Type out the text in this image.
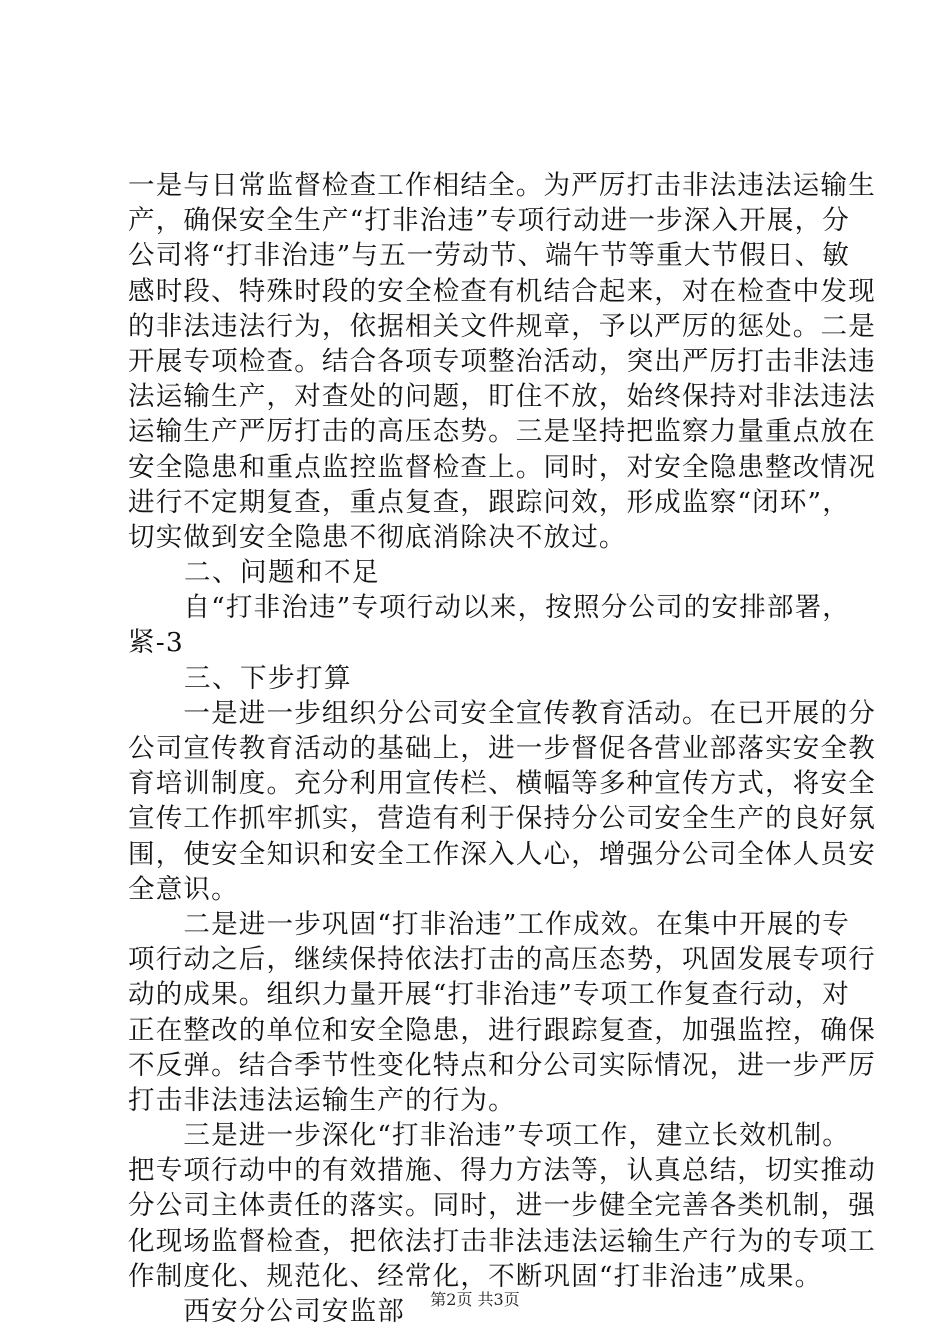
一是与日常监督检查工作相结全。为严厉打击非法违法运输生
产，确保安全生产“打非治违”专项行动进一步深入开展，分
公司将“打非治违”与五一劳动节、端午节等重大节假日、敏
感时段、特殊时段的安全检查有机结合起来，对在检查中发现
的非法违法行为，依据相关文件规章，予以严厉的惩处。二是
开展专项检查。结合各项专项整治活动，突出严厉打击非法违
法运输生产，对查处的问题，盯住不放，始终保持对非法违法
运输生产严厉打击的高压态势。三是坚持把监察力量重点放在
安全隐患和重点监控监督检查上。同时，对安全隐患整改情况
进行不定期复查，重点复查，跟踪问效，形成监察“闭环”，
切实做到安全隐患不彻底消除决不放过。
　　二、问题和不足
　　自“打非治违”专项行动以来，按照分公司的安排部署，
紧-3
　　三、下步打算
　　一是进一步组织分公司安全宣传教育活动。在已开展的分
公司宣传教育活动的基础上，进一步督促各营业部落实安全教
育培训制度。充分利用宣传栏、横幅等多种宣传方式，将安全
宣传工作抓牢抓实，营造有利于保持分公司安全生产的良好氛
围，使安全知识和安全工作深入人心，增强分公司全体人员安
全意识。
　　二是进一步巩固“打非治违”工作成效。在集中开展的专
项行动之后，继续保持依法打击的高压态势，巩固发展专项行
动的成果。组织力量开展“打非治违”专项工作复查行动，对
正在整改的单位和安全隐患，进行跟踪复查，加强监控，确保
不反弹。结合季节性变化特点和分公司实际情况，进一步严厉
打击非法违法运输生产的行为。
　　三是进一步深化“打非治违”专项工作，建立长效机制。
把专项行动中的有效措施、得力方法等，认真总结，切实推动
分公司主体责任的落实。同时，进一步健全完善各类机制，强
化现场监督检查，把依法打击非法违法运输生产行为的专项工
作制度化、规范化、经常化，不断巩固“打非治违”成果。
　　西安分公司安监部	第2页 共3页
